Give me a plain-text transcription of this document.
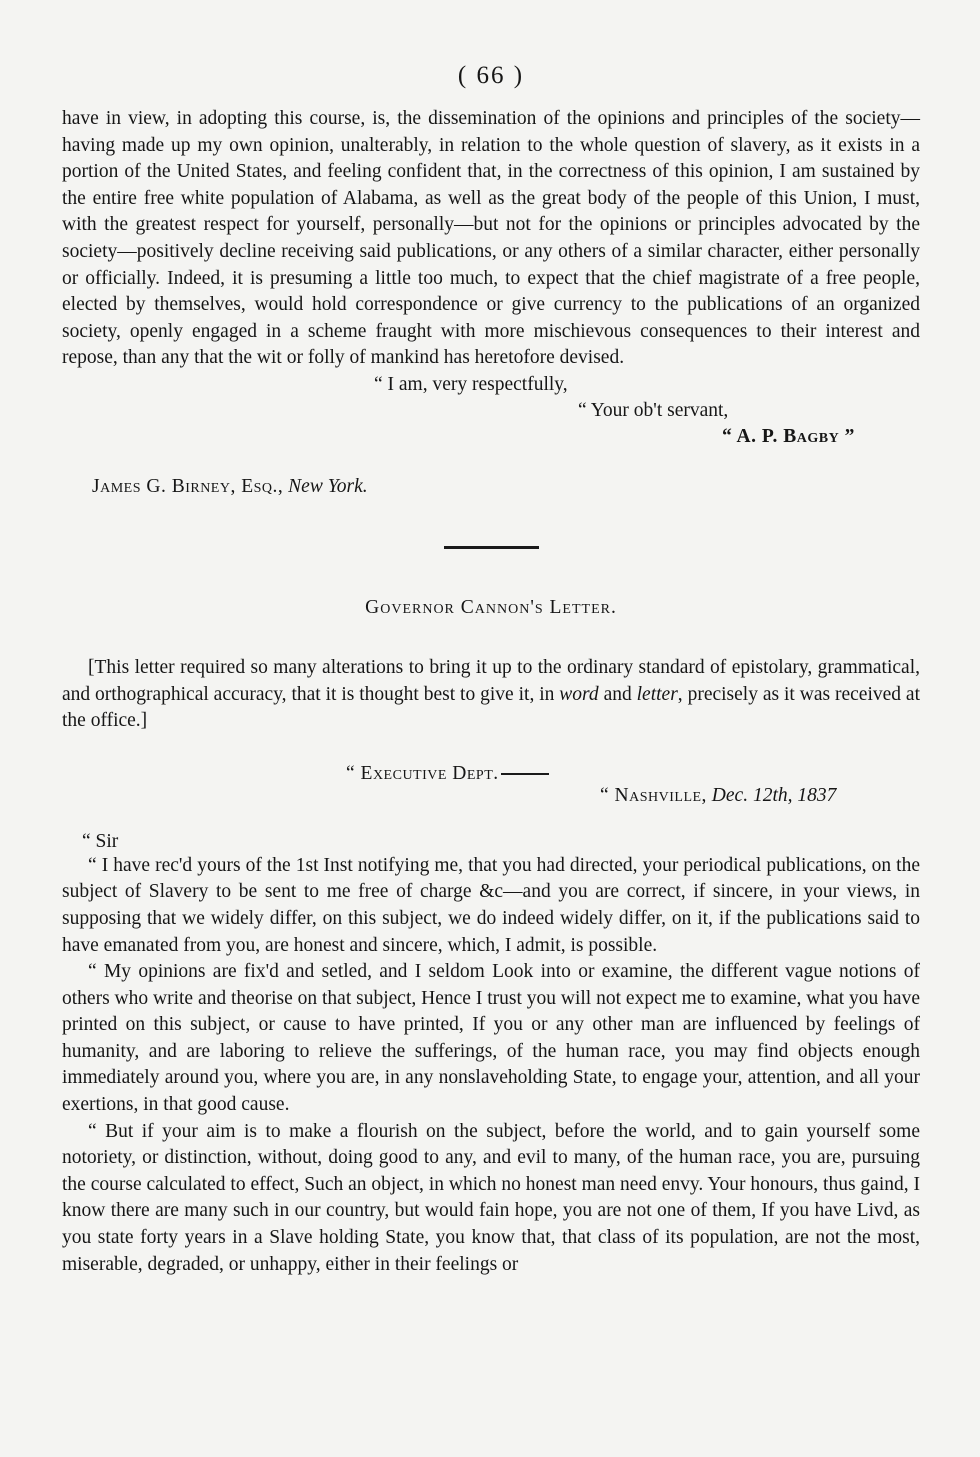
( 66 )

have in view, in adopting this course, is, the dissemination of the opinions and principles of the society—having made up my own opinion, unalterably, in relation to the whole question of slavery, as it exists in a portion of the United States, and feeling confident that, in the correctness of this opinion, I am sustained by the entire free white population of Alabama, as well as the great body of the people of this Union, I must, with the greatest respect for yourself, personally—but not for the opinions or principles advocated by the society—positively decline receiving said publications, or any others of a similar character, either personally or officially. Indeed, it is presuming a little too much, to expect that the chief magistrate of a free people, elected by themselves, would hold correspondence or give currency to the publications of an organized society, openly engaged in a scheme fraught with more mischievous consequences to their interest and repose, than any that the wit or folly of mankind has heretofore devised.

“ I am, very respectfully,
“ Your ob't servant,
“ A. P. Bagby ”
James G. Birney, Esq., New York.
Governor Cannon's Letter.

[This letter required so many alterations to bring it up to the ordinary standard of epistolary, grammatical, and orthographical accuracy, that it is thought best to give it, in word and letter, precisely as it was received at the office.]

“ Executive Dept.
“ Nashville, Dec. 12th, 1837
“ Sir

“ I have rec'd yours of the 1st Inst notifying me, that you had directed, your periodical publications, on the subject of Slavery to be sent to me free of charge &c—and you are correct, if sincere, in your views, in supposing that we widely differ, on this subject, we do indeed widely differ, on it, if the publications said to have emanated from you, are honest and sincere, which, I admit, is possible.

“ My opinions are fix'd and setled, and I seldom Look into or examine, the different vague notions of others who write and theorise on that subject, Hence I trust you will not expect me to examine, what you have printed on this subject, or cause to have printed, If you or any other man are influenced by feelings of humanity, and are laboring to relieve the sufferings, of the human race, you may find objects enough immediately around you, where you are, in any nonslaveholding State, to engage your, attention, and all your exertions, in that good cause.

“ But if your aim is to make a flourish on the subject, before the world, and to gain yourself some notoriety, or distinction, without, doing good to any, and evil to many, of the human race, you are, pursuing the course calculated to effect, Such an object, in which no honest man need envy. Your honours, thus gaind, I know there are many such in our country, but would fain hope, you are not one of them, If you have Livd, as you state forty years in a Slave holding State, you know that, that class of its population, are not the most, miserable, degraded, or unhappy, either in their feelings or
